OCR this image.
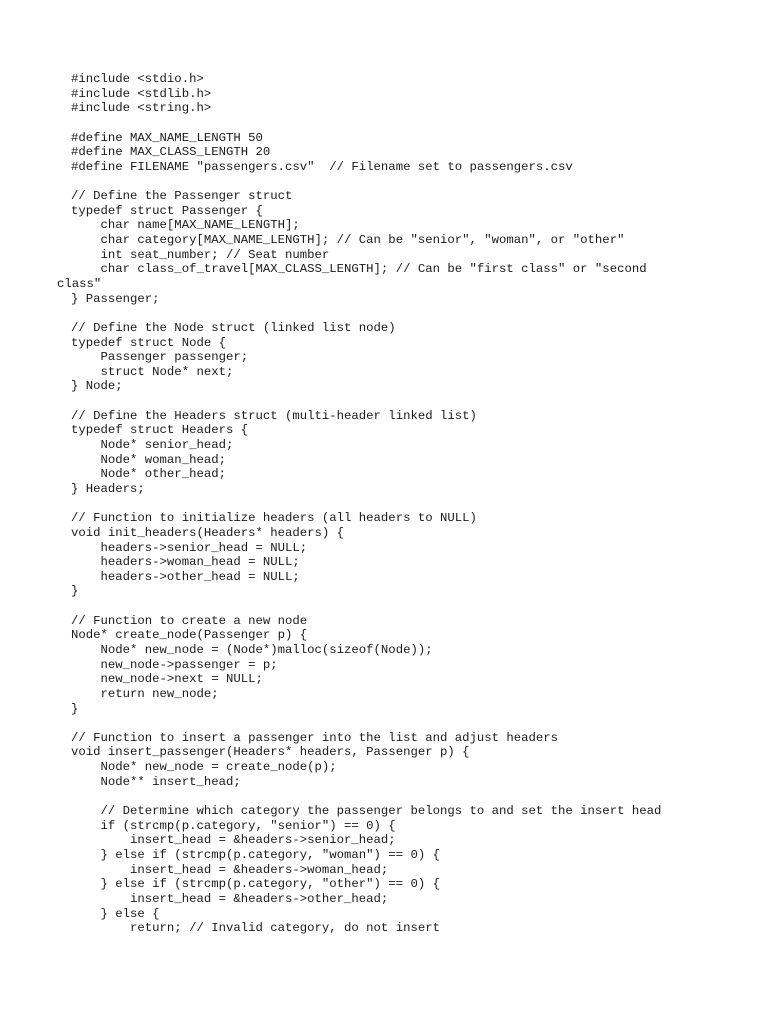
#include <stdio.h>
#include <stdlib.h>
#include <string.h>
#define MAX_NAME_LENGTH 50
#define MAX_CLASS_LENGTH 20
#define FILENAME "passengers.csv"  // Filename set to passengers.csv
// Define the Passenger struct
typedef struct Passenger {
char name[MAX_NAME_LENGTH];
char category[MAX_NAME_LENGTH]; // Can be "senior", "woman", or "other"
int seat_number; // Seat number
char class_of_travel[MAX_CLASS_LENGTH]; // Can be "first class" or "second
class"
} Passenger;
// Define the Node struct (linked list node)
typedef struct Node {
Passenger passenger;
struct Node* next;
} Node;
// Define the Headers struct (multi-header linked list)
typedef struct Headers {
Node* senior_head;
Node* woman_head;
Node* other_head;
} Headers;
// Function to initialize headers (all headers to NULL)
void init_headers(Headers* headers) {
headers->senior_head = NULL;
headers->woman_head = NULL;
headers->other_head = NULL;
}
// Function to create a new node
Node* create_node(Passenger p) {
Node* new_node = (Node*)malloc(sizeof(Node));
new_node->passenger = p;
new_node->next = NULL;
return new_node;
}
// Function to insert a passenger into the list and adjust headers
void insert_passenger(Headers* headers, Passenger p) {
Node* new_node = create_node(p);
Node** insert_head;
// Determine which category the passenger belongs to and set the insert head
if (strcmp(p.category, "senior") == 0) {
insert_head = &headers->senior_head;
} else if (strcmp(p.category, "woman") == 0) {
insert_head = &headers->woman_head;
} else if (strcmp(p.category, "other") == 0) {
insert_head = &headers->other_head;
} else {
return; // Invalid category, do not insert
